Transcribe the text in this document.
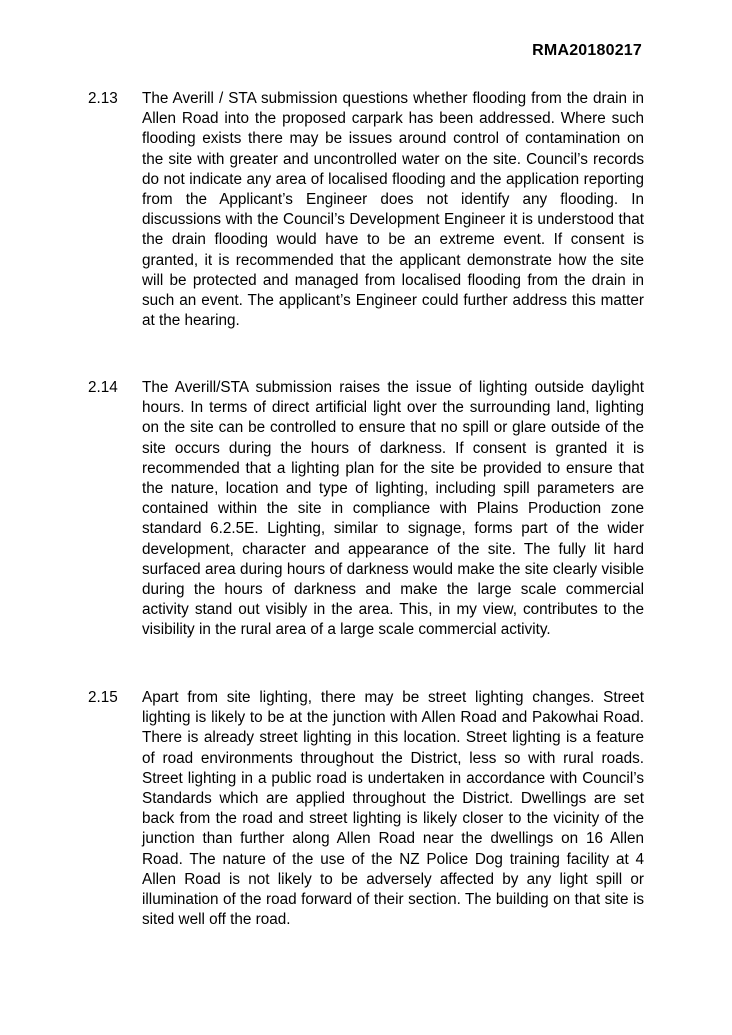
RMA20180217
2.13	The Averill / STA submission questions whether flooding from the drain in Allen Road into the proposed carpark has been addressed. Where such flooding exists there may be issues around control of contamination on the site with greater and uncontrolled water on the site. Council’s records do not indicate any area of localised flooding and the application reporting from the Applicant’s Engineer does not identify any flooding. In discussions with the Council’s Development Engineer it is understood that the drain flooding would have to be an extreme event. If consent is granted, it is recommended that the applicant demonstrate how the site will be protected and managed from localised flooding from the drain in such an event. The applicant’s Engineer could further address this matter at the hearing.
2.14	The Averill/STA submission raises the issue of lighting outside daylight hours. In terms of direct artificial light over the surrounding land, lighting on the site can be controlled to ensure that no spill or glare outside of the site occurs during the hours of darkness. If consent is granted it is recommended that a lighting plan for the site be provided to ensure that the nature, location and type of lighting, including spill parameters are contained within the site in compliance with Plains Production zone standard 6.2.5E. Lighting, similar to signage, forms part of the wider development, character and appearance of the site. The fully lit hard surfaced area during hours of darkness would make the site clearly visible during the hours of darkness and make the large scale commercial activity stand out visibly in the area. This, in my view, contributes to the visibility in the rural area of a large scale commercial activity.
2.15	Apart from site lighting, there may be street lighting changes. Street lighting is likely to be at the junction with Allen Road and Pakowhai Road. There is already street lighting in this location. Street lighting is a feature of road environments throughout the District, less so with rural roads. Street lighting in a public road is undertaken in accordance with Council’s Standards which are applied throughout the District. Dwellings are set back from the road and street lighting is likely closer to the vicinity of the junction than further along Allen Road near the dwellings on 16 Allen Road. The nature of the use of the NZ Police Dog training facility at 4 Allen Road is not likely to be adversely affected by any light spill or illumination of the road forward of their section. The building on that site is sited well off the road.
